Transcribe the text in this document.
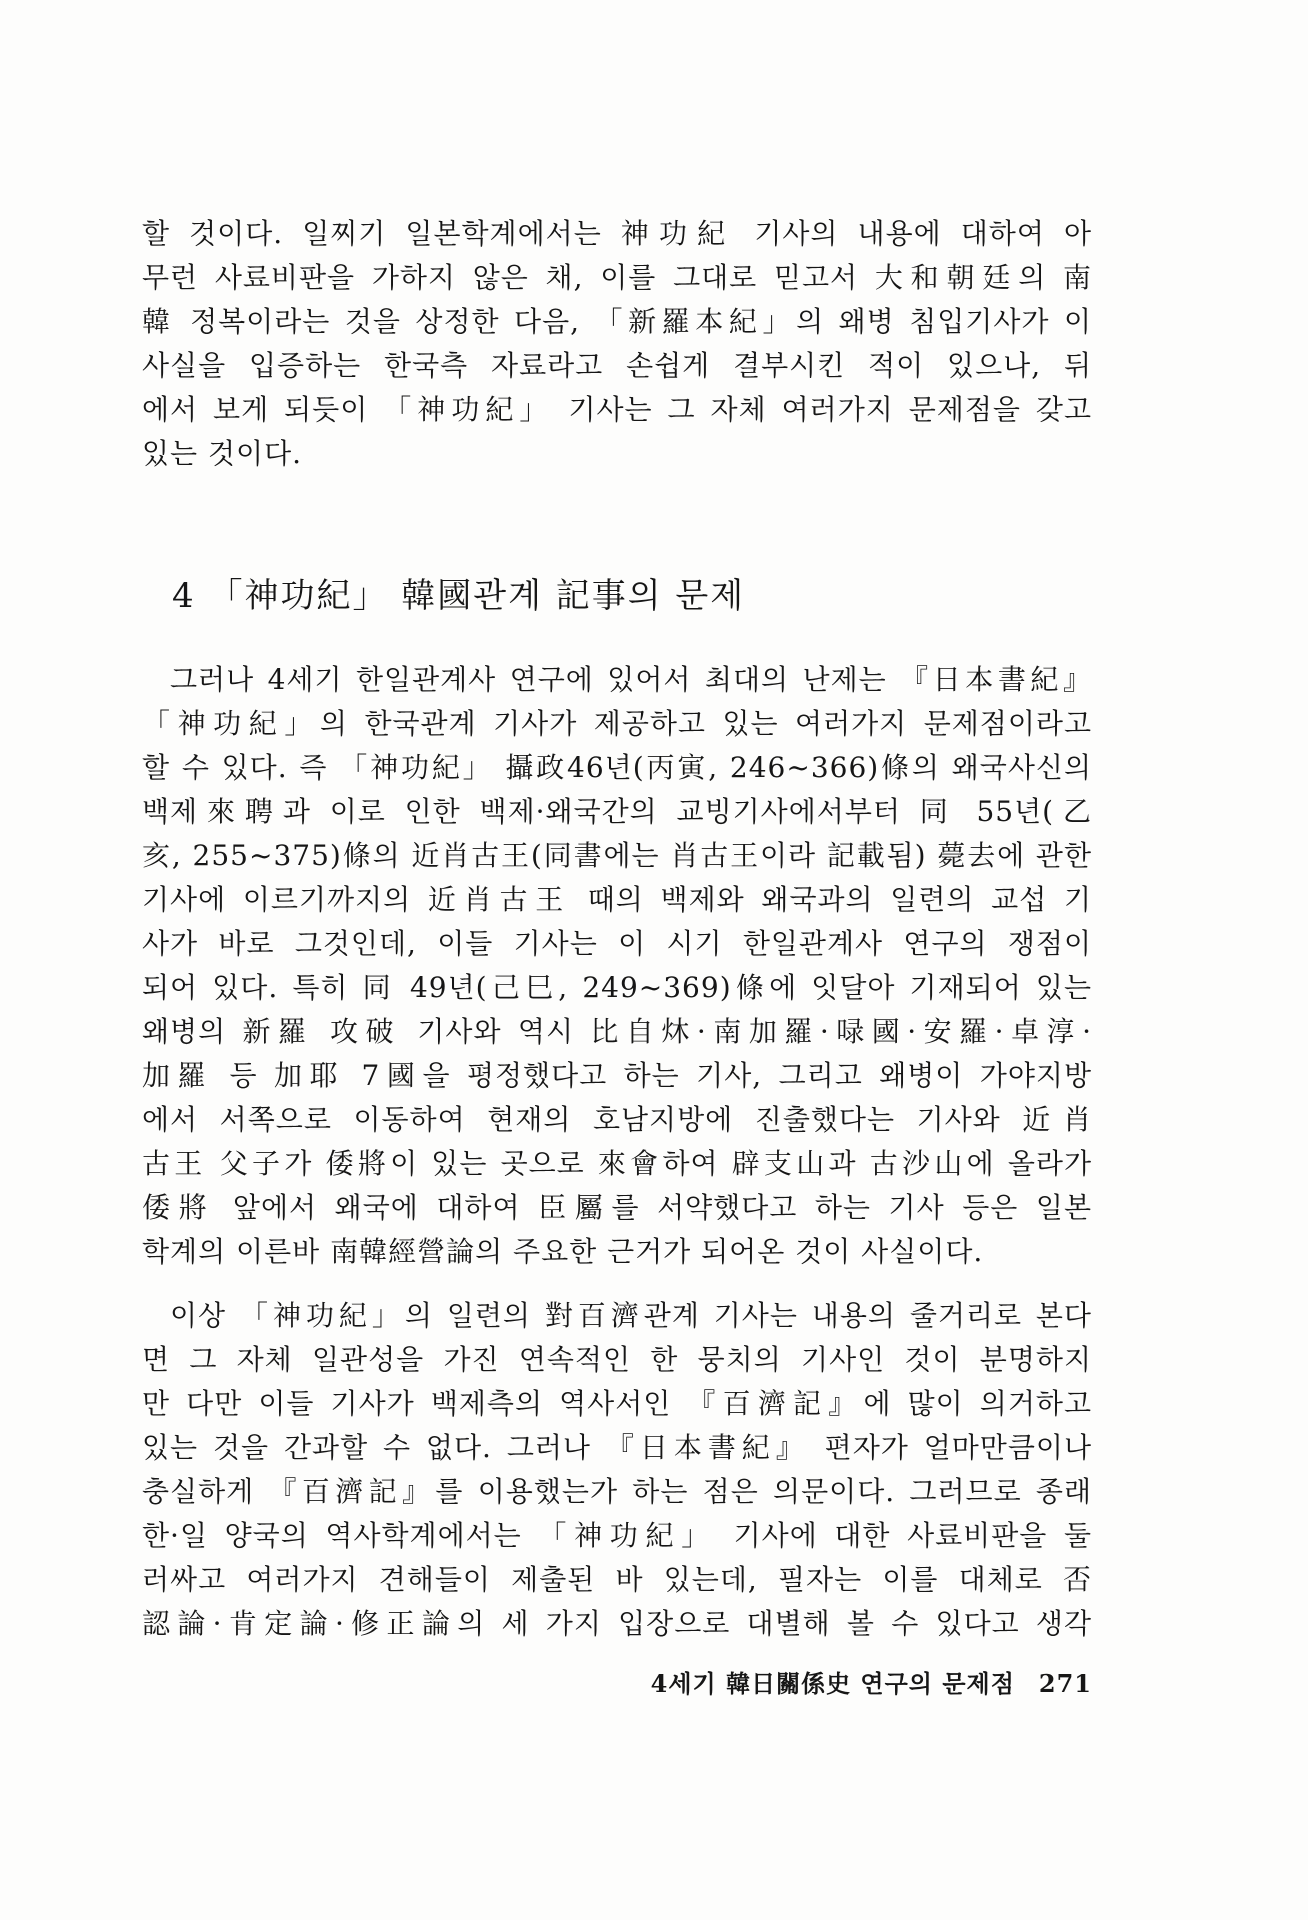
할 것이다. 일찌기 일본학계에서는 神功紀 기사의 내용에 대하여 아
무런 사료비판을 가하지 않은 채, 이를 그대로 믿고서 大和朝廷의 南
韓 정복이라는 것을 상정한 다음, 「新羅本紀」의 왜병 침입기사가 이
사실을 입증하는 한국측 자료라고 손쉽게 결부시킨 적이 있으나, 뒤
에서 보게 되듯이 「神功紀」 기사는 그 자체 여러가지 문제점을 갖고
있는 것이다.
4 「神功紀」 韓國관계 記事의 문제
그러나 4세기 한일관계사 연구에 있어서 최대의 난제는 『日本書紀』
「神功紀」의 한국관계 기사가 제공하고 있는 여러가지 문제점이라고
할 수 있다. 즉 「神功紀」 攝政46년(丙寅, 246~366)條의 왜국사신의
백제來聘과 이로 인한 백제·왜국간의 교빙기사에서부터 同 55년(乙
亥, 255~375)條의 近肖古王(同書에는 肖古王이라 記載됨) 薨去에 관한
기사에 이르기까지의 近肖古王 때의 백제와 왜국과의 일련의 교섭 기
사가 바로 그것인데, 이들 기사는 이 시기 한일관계사 연구의 쟁점이
되어 있다. 특히 同 49년(己巳, 249~369)條에 잇달아 기재되어 있는
왜병의 新羅 攻破 기사와 역시 比自炑·南加羅·㖨國·安羅·卓淳·
加羅 등 加耶 7國을 평정했다고 하는 기사, 그리고 왜병이 가야지방
에서 서쪽으로 이동하여 현재의 호남지방에 진출했다는 기사와 近肖
古王 父子가 倭將이 있는 곳으로 來會하여 辟支山과 古沙山에 올라가
倭將 앞에서 왜국에 대하여 臣屬를 서약했다고 하는 기사 등은 일본
학계의 이른바 南韓經營論의 주요한 근거가 되어온 것이 사실이다.
이상 「神功紀」의 일련의 對百濟관계 기사는 내용의 줄거리로 본다
면 그 자체 일관성을 가진 연속적인 한 뭉치의 기사인 것이 분명하지
만 다만 이들 기사가 백제측의 역사서인 『百濟記』에 많이 의거하고
있는 것을 간과할 수 없다. 그러나 『日本書紀』 편자가 얼마만큼이나
충실하게 『百濟記』를 이용했는가 하는 점은 의문이다. 그러므로 종래
한·일 양국의 역사학계에서는 「神功紀」 기사에 대한 사료비판을 둘
러싸고 여러가지 견해들이 제출된 바 있는데, 필자는 이를 대체로 否
認論·肯定論·修正論의 세 가지 입장으로 대별해 볼 수 있다고 생각
4세기 韓日關係史 연구의 문제점 271
